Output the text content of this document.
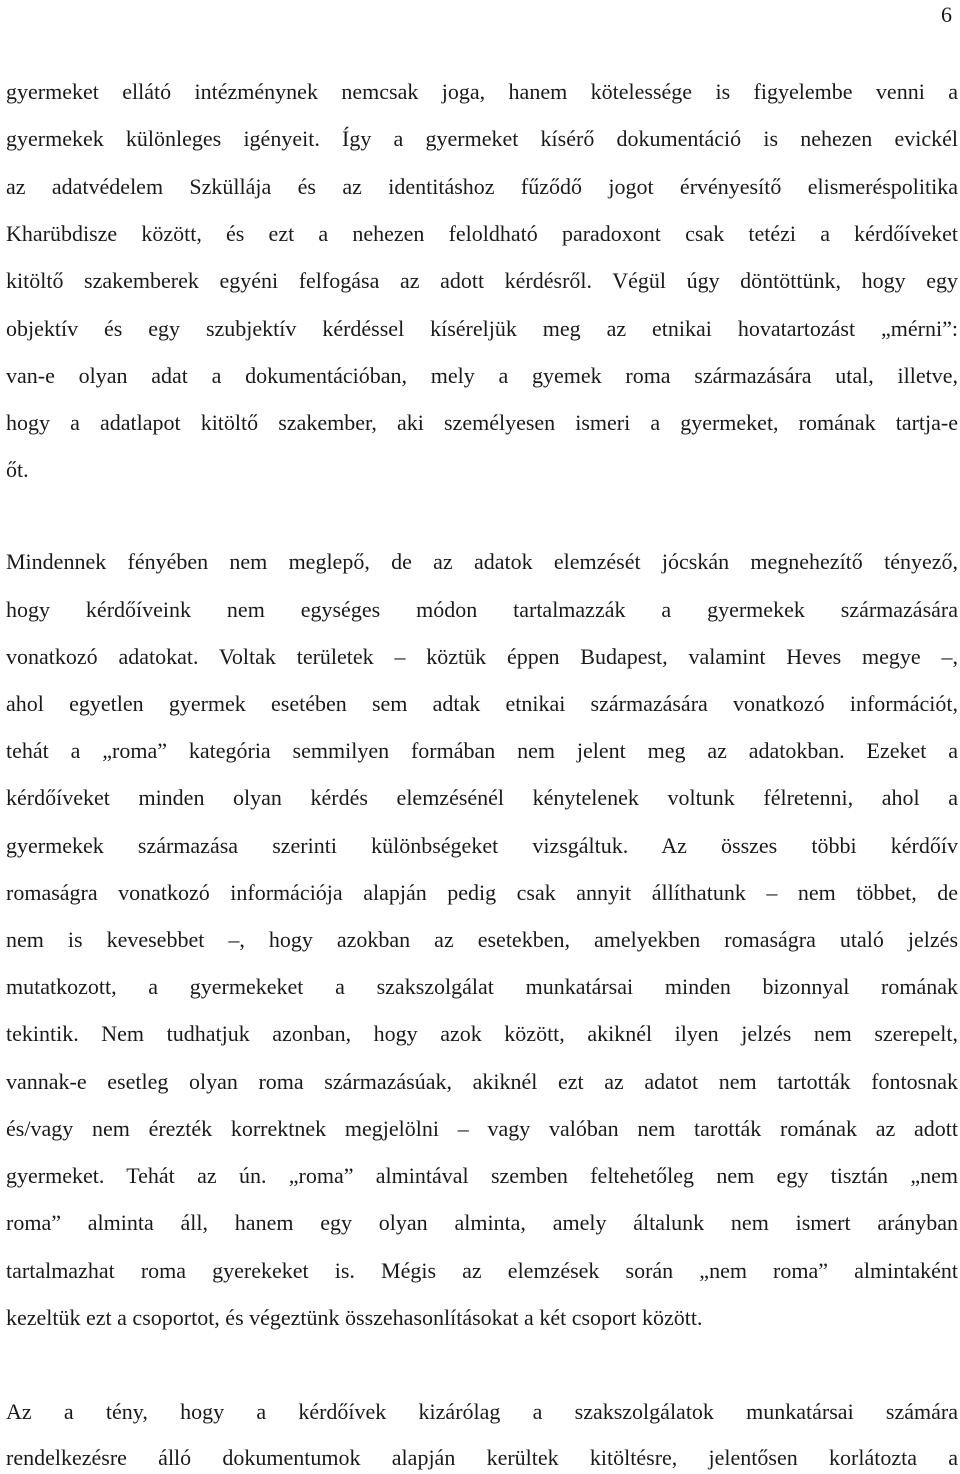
6
gyermeket ellátó intézménynek nemcsak joga, hanem kötelessége is figyelembe venni a
gyermekek különleges igényeit. Így a gyermeket kísérő dokumentáció is nehezen evickél
az adatvédelem Szküllája és az identitáshoz fűződő jogot érvényesítő elismeréspolitika
Kharübdisze között, és ezt a nehezen feloldható paradoxont csak tetézi a kérdőíveket
kitöltő szakemberek egyéni felfogása az adott kérdésről. Végül úgy döntöttünk, hogy egy
objektív és egy szubjektív kérdéssel kíséreljük meg az etnikai hovatartozást „mérni”:
van-e olyan adat a dokumentációban, mely a gyemek roma származására utal, illetve,
hogy a adatlapot kitöltő szakember, aki személyesen ismeri a gyermeket, romának tartja-e
őt.
Mindennek fényében nem meglepő, de az adatok elemzését jócskán megnehezítő tényező,
hogy kérdőíveink nem egységes módon tartalmazzák a gyermekek származására
vonatkozó adatokat. Voltak területek – köztük éppen Budapest, valamint Heves megye –,
ahol egyetlen gyermek esetében sem adtak etnikai származására vonatkozó információt,
tehát a „roma” kategória semmilyen formában nem jelent meg az adatokban. Ezeket a
kérdőíveket minden olyan kérdés elemzésénél kénytelenek voltunk félretenni, ahol a
gyermekek származása szerinti különbségeket vizsgáltuk. Az összes többi kérdőív
romaságra vonatkozó információja alapján pedig csak annyit állíthatunk – nem többet, de
nem is kevesebbet –, hogy azokban az esetekben, amelyekben romaságra utaló jelzés
mutatkozott, a gyermekeket a szakszolgálat munkatársai minden bizonnyal romának
tekintik. Nem tudhatjuk azonban, hogy azok között, akiknél ilyen jelzés nem szerepelt,
vannak-e esetleg olyan roma származásúak, akiknél ezt az adatot nem tartották fontosnak
és/vagy nem érezték korrektnek megjelölni – vagy valóban nem tarották romának az adott
gyermeket. Tehát az ún. „roma” almintával szemben feltehetőleg nem egy tisztán „nem
roma” alminta áll, hanem egy olyan alminta, amely általunk nem ismert arányban
tartalmazhat roma gyerekeket is. Mégis az elemzések során „nem roma” almintaként
kezeltük ezt a csoportot, és végeztünk összehasonlításokat a két csoport között.
Az a tény, hogy a kérdőívek kizárólag a szakszolgálatok munkatársai számára
rendelkezésre álló dokumentumok alapján kerültek kitöltésre, jelentősen korlátozta a
